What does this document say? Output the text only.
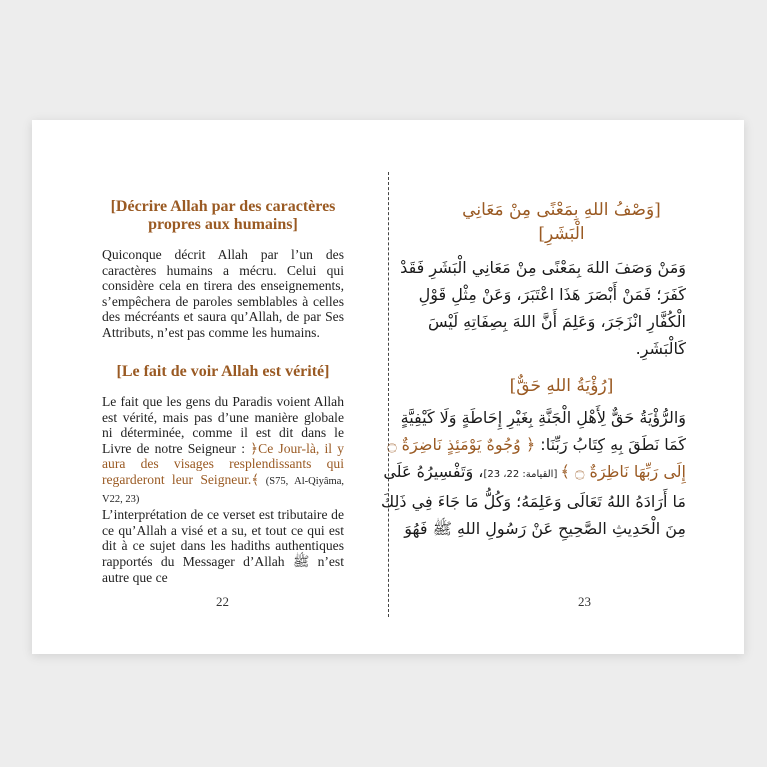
[Décrire Allah par des caractères propres aux humains]
Quiconque décrit Allah par l’un des caractères humains a mécru. Celui qui considère cela en tirera des enseignements, s’empêchera de paroles semblables à celles des mécréants et saura qu’Allah, de par Ses Attributs, n’est pas comme les humains.
[Le fait de voir Allah est vérité]
Le fait que les gens du Paradis voient Allah est vérité, mais pas d’une manière globale ni déterminée, comme il est dit dans le Livre de notre Seigneur : ﴿Ce Jour-là, il y aura des visages resplendissants qui regarderont leur Seigneur.﴾ (S75, Al-Qiyâma, V22, 23)
L’interprétation de ce verset est tributaire de ce qu’Allah a visé et a su, et tout ce qui est dit à ce sujet dans les hadiths authentiques rapportés du Messager d’Allah ﷺ n’est autre que ce
22
[وَصْفُ اللهِ بِمَعْنًى مِنْ مَعَانِي الْبَشَرِ]
وَمَنْ وَصَفَ اللهَ بِمَعْنًى مِنْ مَعَانِي الْبَشَرِ فَقَدْ
كَفَرَ؛ فَمَنْ أَبْصَرَ هَذَا اعْتَبَرَ، وَعَنْ مِثْلِ قَوْلِ
الْكُفَّارِ انْزَجَرَ، وَعَلِمَ أَنَّ اللهَ بِصِفَاتِهِ لَيْسَ
كَالْبَشَرِ.
[رُؤْيَةُ اللهِ حَقٌّ]
وَالرُّؤْيَةُ حَقٌّ لِأَهْلِ الْجَنَّةِ بِغَيْرِ إِحَاطَةٍ وَلَا كَيْفِيَّةٍ
كَمَا نَطَقَ بِهِ كِتَابُ رَبِّنَا: ﴿ وُجُوهٌ يَوْمَئِذٍ نَاضِرَةٌ ۝
إِلَى رَبِّهَا نَاظِرَةٌ ۝ ﴾ [القيامة: 22، 23]، وَتَفْسِيرُهُ عَلَى
مَا أَرَادَهُ اللهُ تَعَالَى وَعَلِمَهُ؛ وَكُلُّ مَا جَاءَ فِي ذَلِكَ
مِنَ الْحَدِيثِ الصَّحِيحِ عَنْ رَسُولِ اللهِ ﷺ فَهُوَ
23
